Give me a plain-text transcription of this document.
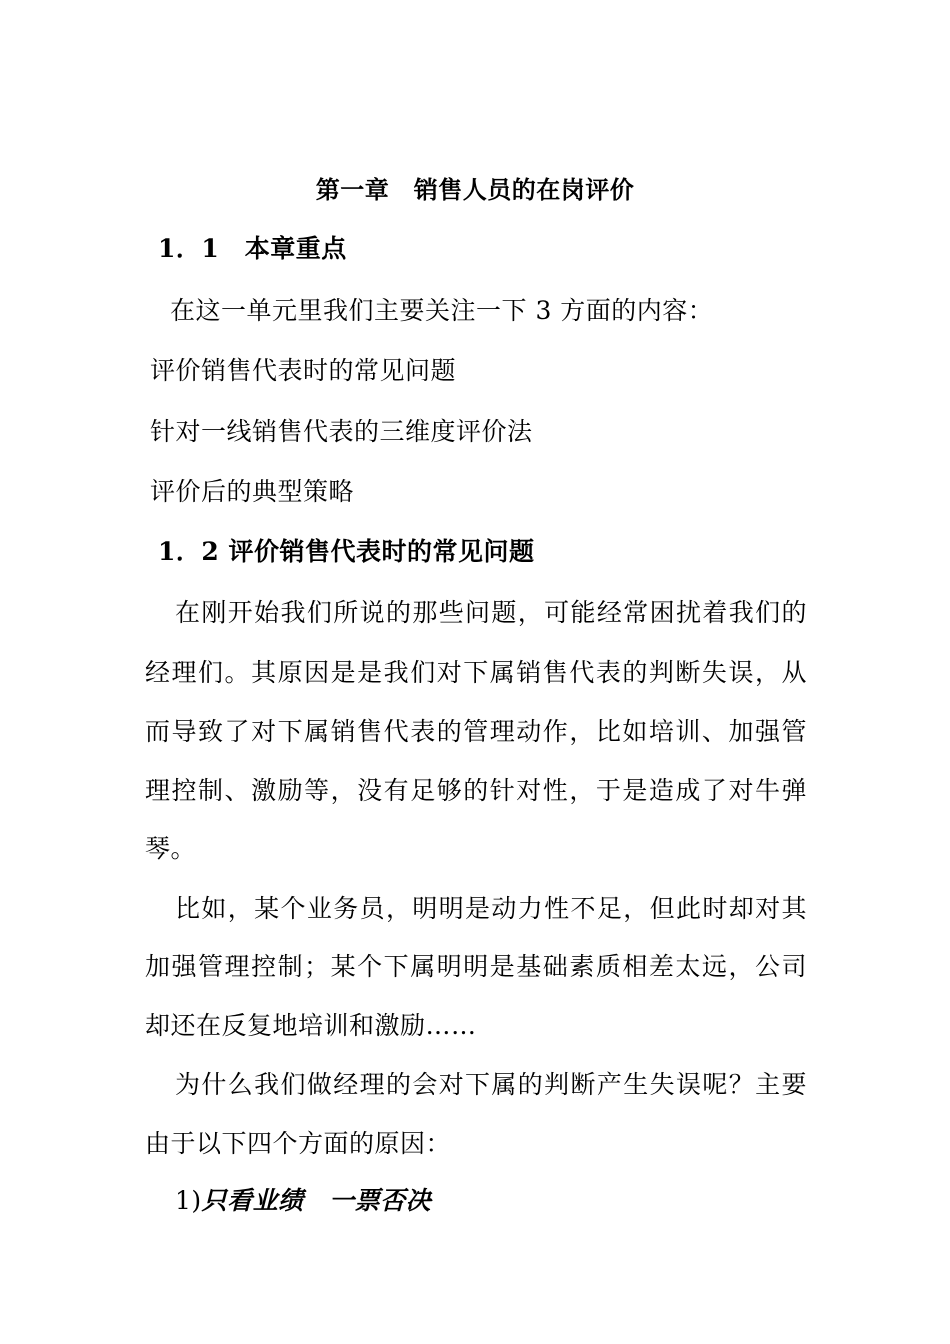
第一章　销售人员的在岗评价
1．1　本章重点
在这一单元里我们主要关注一下 3 方面的内容：
评价销售代表时的常见问题
针对一线销售代表的三维度评价法
评价后的典型策略
1．2 评价销售代表时的常见问题
在刚开始我们所说的那些问题，可能经常困扰着我们的
经理们。其原因是是我们对下属销售代表的判断失误，从
而导致了对下属销售代表的管理动作，比如培训、加强管
理控制、激励等，没有足够的针对性，于是造成了对牛弹
琴。
比如，某个业务员，明明是动力性不足，但此时却对其
加强管理控制；某个下属明明是基础素质相差太远，公司
却还在反复地培训和激励……
为什么我们做经理的会对下属的判断产生失误呢？主要
由于以下四个方面的原因：
1)只看业绩　一票否决
